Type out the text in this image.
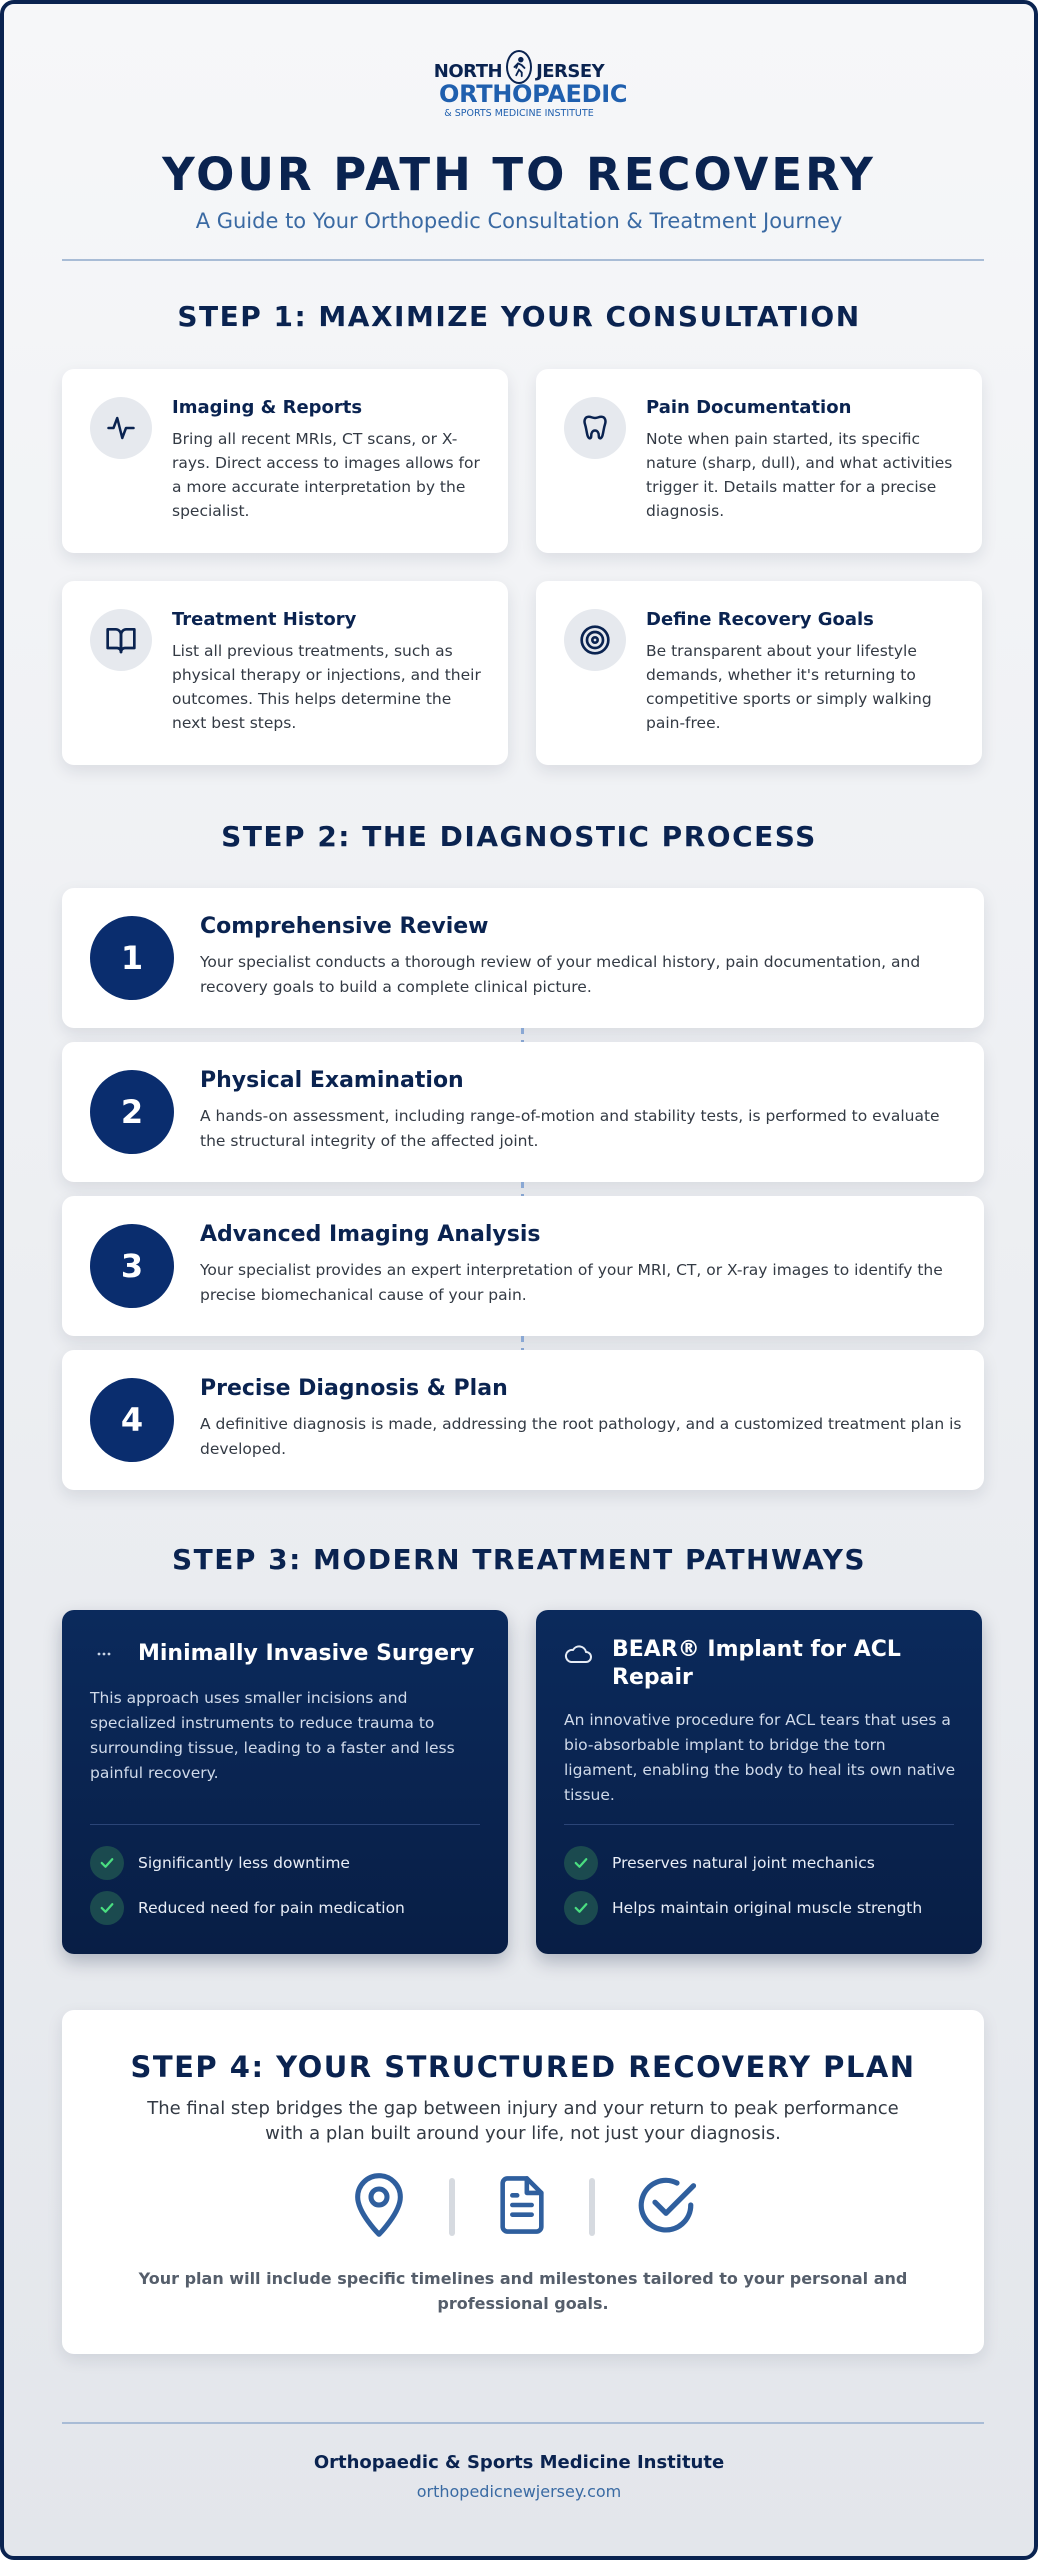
NORTH JERSEY
ORTHOPAEDIC
& SPORTS MEDICINE INSTITUTE
YOUR PATH TO RECOVERY
A Guide to Your Orthopedic Consultation & Treatment Journey
STEP 1: MAXIMIZE YOUR CONSULTATION
Imaging & Reports
Bring all recent MRIs, CT scans, or X-rays. Direct access to images allows for a more accurate interpretation by the specialist.
Pain Documentation
Note when pain started, its specific nature (sharp, dull), and what activities trigger it. Details matter for a precise diagnosis.
Treatment History
List all previous treatments, such as physical therapy or injections, and their outcomes. This helps determine the next best steps.
Define Recovery Goals
Be transparent about your lifestyle demands, whether it's returning to competitive sports or simply walking pain-free.
STEP 2: THE DIAGNOSTIC PROCESS
1
Comprehensive Review
Your specialist conducts a thorough review of your medical history, pain documentation, and recovery goals to build a complete clinical picture.
2
Physical Examination
A hands-on assessment, including range-of-motion and stability tests, is performed to evaluate the structural integrity of the affected joint.
3
Advanced Imaging Analysis
Your specialist provides an expert interpretation of your MRI, CT, or X-ray images to identify the precise biomechanical cause of your pain.
4
Precise Diagnosis & Plan
A definitive diagnosis is made, addressing the root pathology, and a customized treatment plan is developed.
STEP 3: MODERN TREATMENT PATHWAYS
Minimally Invasive Surgery
This approach uses smaller incisions and specialized instruments to reduce trauma to surrounding tissue, leading to a faster and less painful recovery.
Significantly less downtime
Reduced need for pain medication
BEAR® Implant for ACL Repair
An innovative procedure for ACL tears that uses a bio-absorbable implant to bridge the torn ligament, enabling the body to heal its own native tissue.
Preserves natural joint mechanics
Helps maintain original muscle strength
STEP 4: YOUR STRUCTURED RECOVERY PLAN
The final step bridges the gap between injury and your return to peak performance with a plan built around your life, not just your diagnosis.
Your plan will include specific timelines and milestones tailored to your personal and professional goals.
Orthopaedic & Sports Medicine Institute
orthopedicnewjersey.com
